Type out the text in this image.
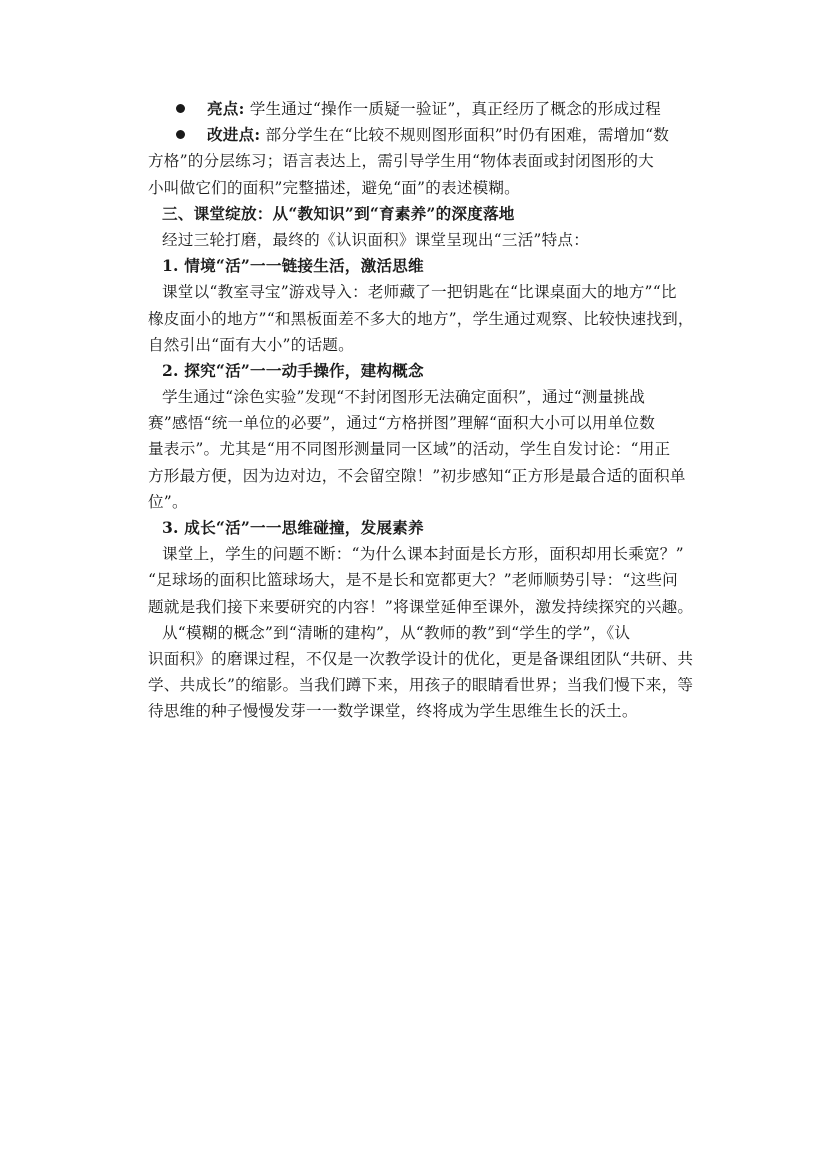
亮点: 学生通过“操作一质疑一验证”，真正经历了概念的形成过程
改进点: 部分学生在“比较不规则图形面积”时仍有困难，需增加“数
方格”的分层练习；语言表达上，需引导学生用“物体表面或封闭图形的大
小叫做它们的面积”完整描述，避免“面”的表述模糊。
三、课堂绽放：从“教知识”到“育素养”的深度落地
经过三轮打磨，最终的《认识面积》课堂呈现出“三活”特点：
1. 情境“活”一一链接生活，激活思维
课堂以“教室寻宝”游戏导入：老师藏了一把钥匙在“比课桌面大的地方”“比
橡皮面小的地方”“和黑板面差不多大的地方”，学生通过观察、比较快速找到，
自然引出“面有大小”的话题。
2. 探究“活”一一动手操作，建构概念
学生通过“涂色实验”发现“不封闭图形无法确定面积”，通过“测量挑战
赛”感悟“统一单位的必要”，通过“方格拼图”理解“面积大小可以用单位数
量表示”。尤其是“用不同图形测量同一区域”的活动，学生自发讨论：“用正
方形最方便，因为边对边，不会留空隙！”初步感知“正方形是最合适的面积单
位”。
3. 成长“活”一一思维碰撞，发展素养
课堂上，学生的问题不断：“为什么课本封面是长方形，面积却用长乘宽？”
“足球场的面积比篮球场大，是不是长和宽都更大？”老师顺势引导：“这些问
题就是我们接下来要研究的内容！”将课堂延伸至课外，激发持续探究的兴趣。
从“模糊的概念”到“清晰的建构”，从“教师的教”到“学生的学”，《认
识面积》的磨课过程，不仅是一次教学设计的优化，更是备课组团队“共研、共
学、共成长”的缩影。当我们蹲下来，用孩子的眼睛看世界；当我们慢下来，等
待思维的种子慢慢发芽一一数学课堂，终将成为学生思维生长的沃土。
